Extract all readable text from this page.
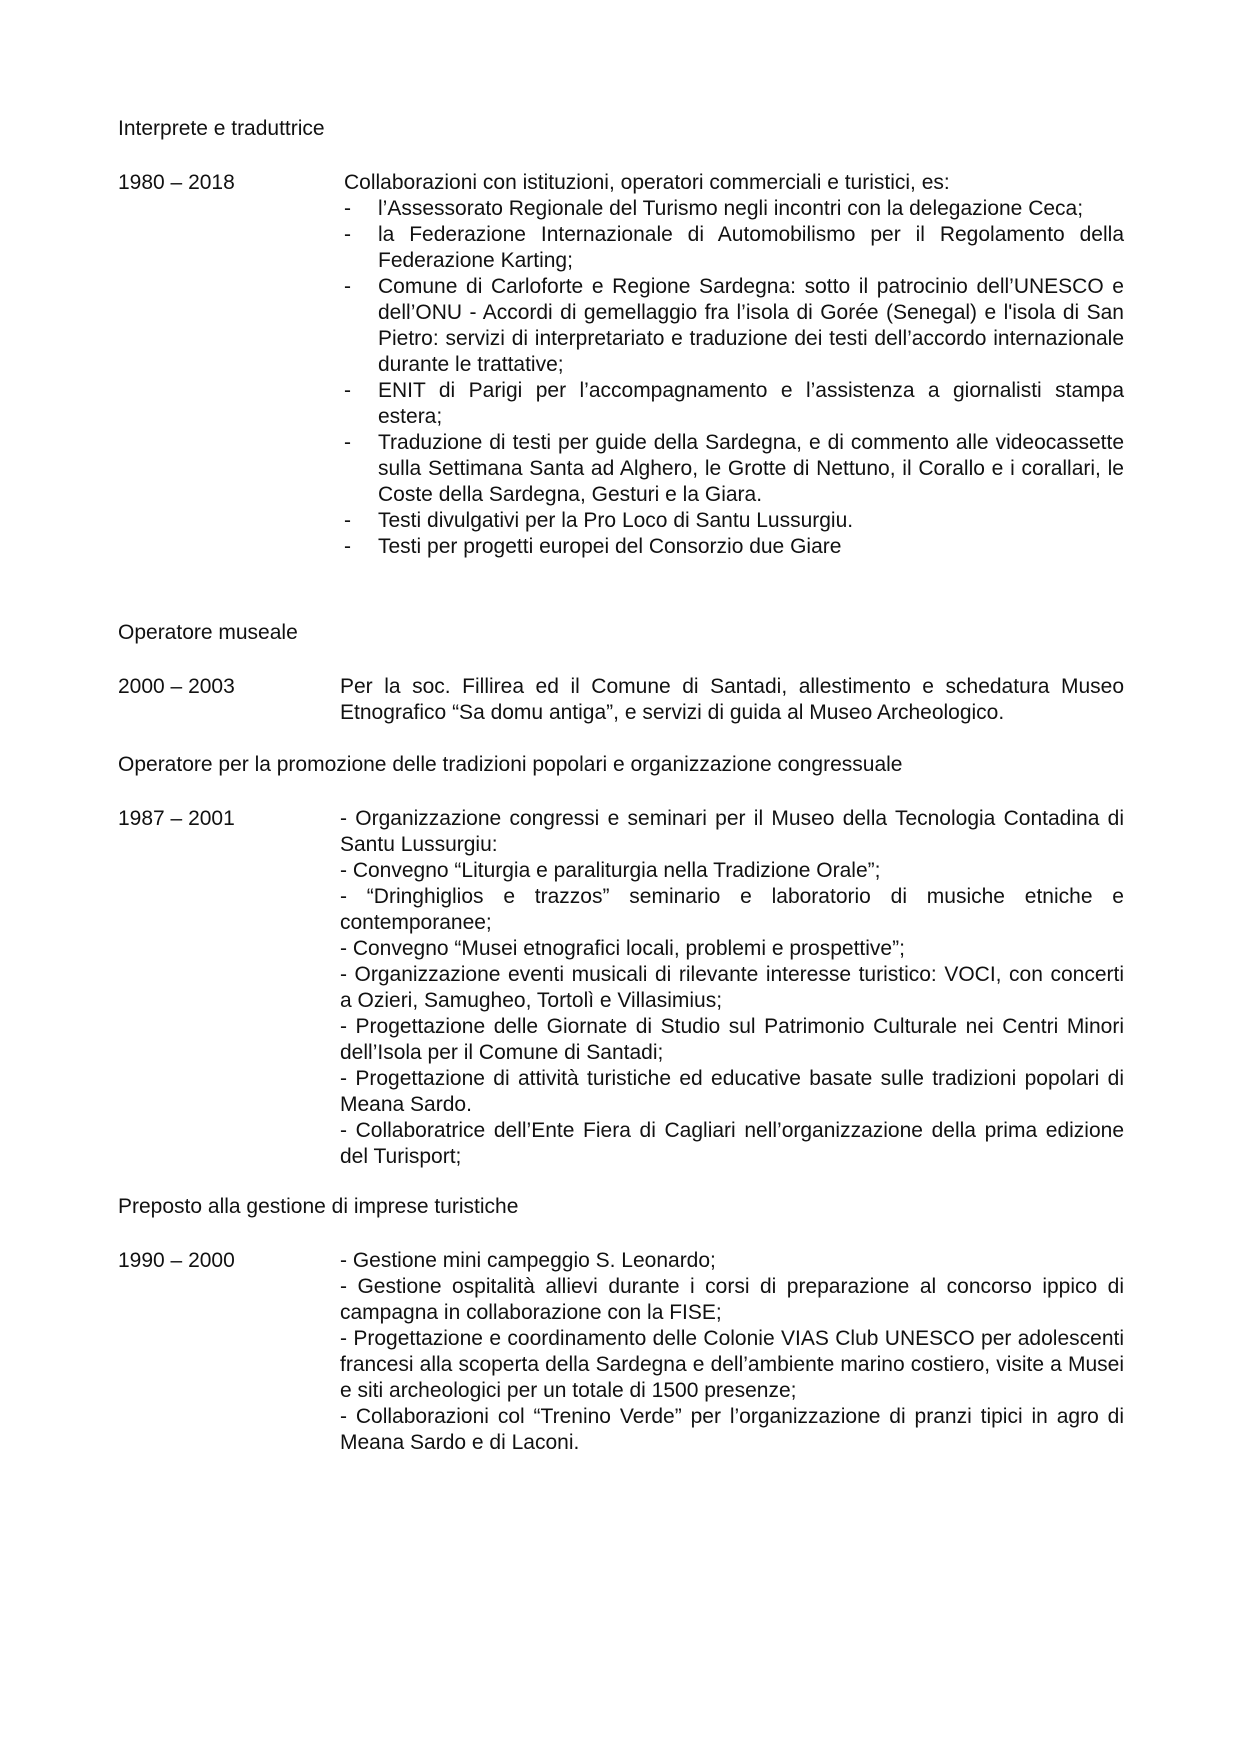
Interprete e traduttrice
1980 – 2018	Collaborazioni con istituzioni, operatori commerciali e turistici, es:

- l’Assessorato Regionale del Turismo negli incontri con la delegazione Ceca;
- la Federazione Internazionale di Automobilismo per il Regolamento della Federazione Karting;
- Comune di Carloforte e Regione Sardegna: sotto il patrocinio dell’UNESCO e dell’ONU - Accordi di gemellaggio fra l’isola di Gorée (Senegal) e l'isola di San Pietro: servizi di interpretariato e traduzione dei testi dell’accordo internazionale durante le trattative;
- ENIT di Parigi per l’accompagnamento e l’assistenza a giornalisti stampa estera;
- Traduzione di testi per guide della Sardegna, e di commento alle videocassette sulla Settimana Santa ad Alghero, le Grotte di Nettuno, il Corallo e i corallari, le Coste della Sardegna, Gesturi e la Giara.
- Testi divulgativi per la Pro Loco di Santu Lussurgiu.
- Testi per progetti europei del Consorzio due Giare
Operatore museale
2000 – 2003	Per la soc. Fillirea ed il Comune di Santadi, allestimento e schedatura Museo Etnografico “Sa domu antiga”, e servizi di guida al Museo Archeologico.

Operatore per la promozione delle tradizioni popolari e organizzazione congressuale
1987 – 2001	- Organizzazione congressi e seminari per il Museo della Tecnologia Contadina di Santu Lussurgiu:

- Convegno “Liturgia e paraliturgia nella Tradizione Orale”;

- “Dringhiglios e trazzos” seminario e laboratorio di musiche etniche e contemporanee;

- Convegno “Musei etnografici locali, problemi e prospettive”;

- Organizzazione eventi musicali di rilevante interesse turistico: VOCI, con concerti a Ozieri, Samugheo, Tortolì e Villasimius;

- Progettazione delle Giornate di Studio sul Patrimonio Culturale nei Centri Minori dell’Isola per il Comune di Santadi;

- Progettazione di attività turistiche ed educative basate sulle tradizioni popolari di Meana Sardo.

- Collaboratrice dell’Ente Fiera di Cagliari nell’organizzazione della prima edizione del Turisport;

Preposto alla gestione di imprese turistiche
1990 – 2000	- Gestione mini campeggio S. Leonardo;

- Gestione ospitalità allievi durante i corsi di preparazione al concorso ippico di campagna in collaborazione con la FISE;

- Progettazione e coordinamento delle Colonie VIAS Club UNESCO per adolescenti francesi alla scoperta della Sardegna e dell’ambiente marino costiero, visite a Musei e siti archeologici per un totale di 1500 presenze;

- Collaborazioni col “Trenino Verde” per l’organizzazione di pranzi tipici in agro di Meana Sardo e di Laconi.
